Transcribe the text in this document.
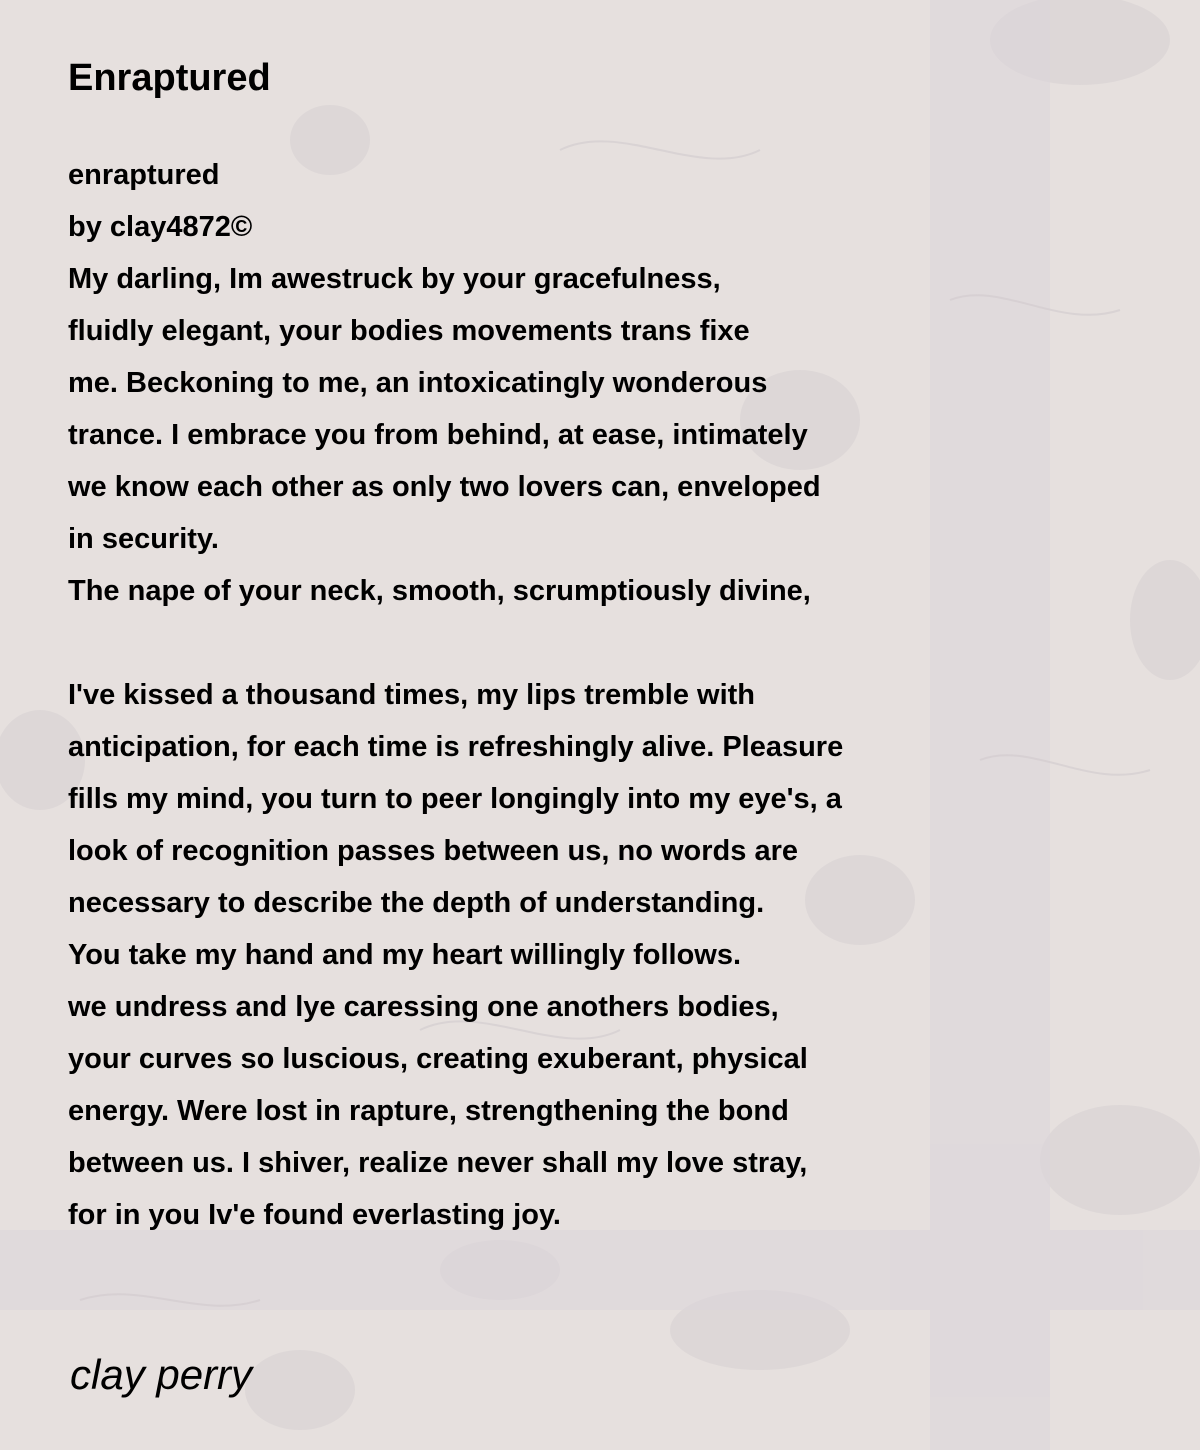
Enraptured
enraptured
by clay4872©
My darling, Im awestruck by your gracefulness,
fluidly elegant, your bodies movements trans fixe
me. Beckoning to me, an intoxicatingly wonderous
trance. I embrace you from behind, at ease, intimately
we know each other as only two lovers can, enveloped
in security.
The nape of your neck, smooth, scrumptiously divine,
I've kissed a thousand times, my lips tremble with
anticipation, for each time is refreshingly alive. Pleasure
fills my mind, you turn to peer longingly into my eye's, a
look of recognition passes between us, no words are
necessary to describe the depth of understanding.
You take my hand and my heart willingly follows.
we undress and lye caressing one anothers bodies,
your curves so luscious, creating exuberant, physical
energy. Were lost in rapture, strengthening the bond
between us. I shiver, realize never shall my love stray,
for in you Iv'e found everlasting joy.
clay perry
